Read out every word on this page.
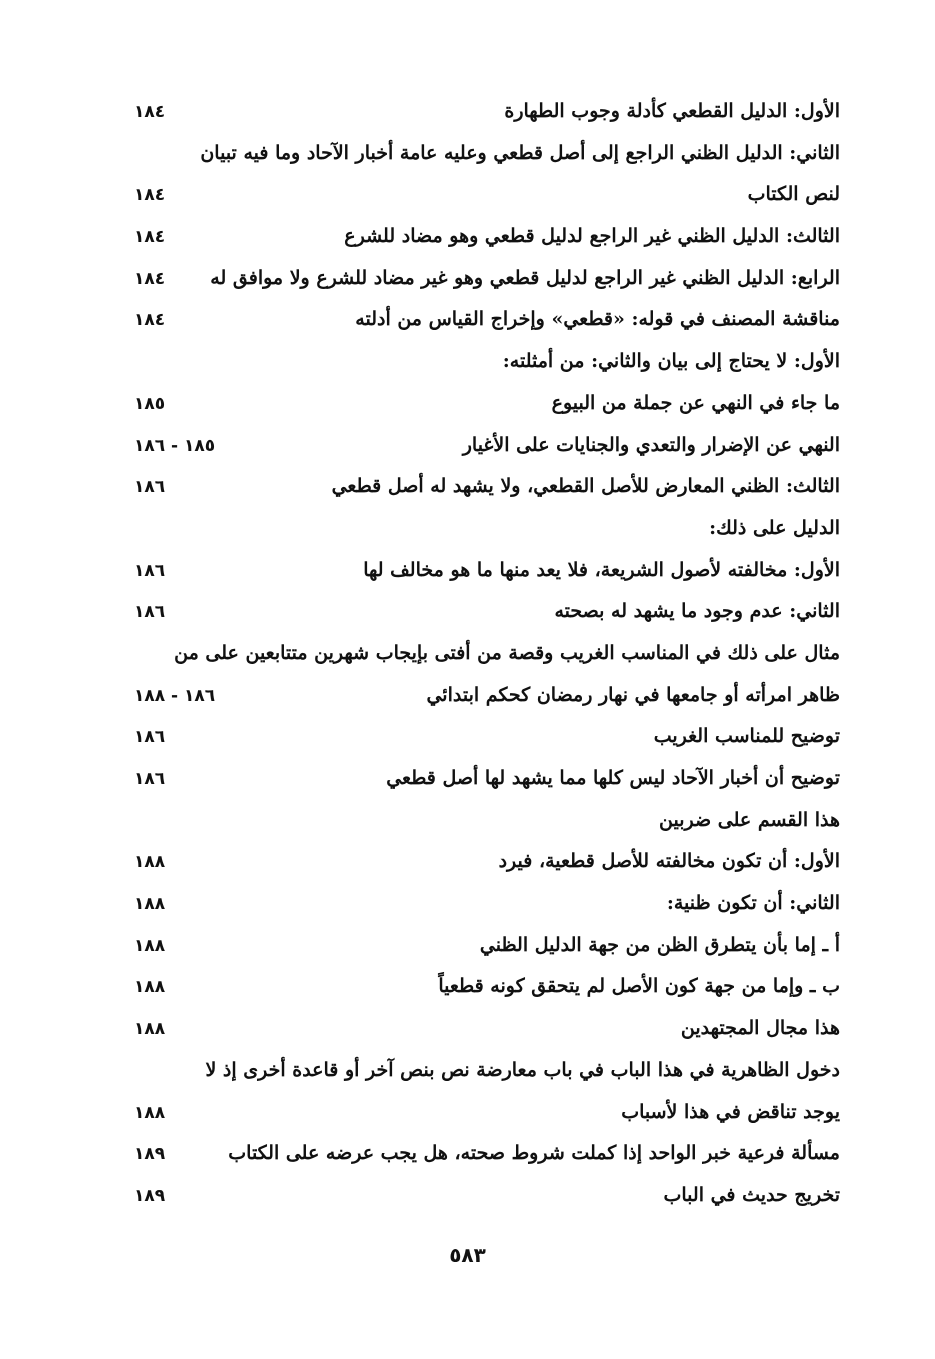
الأول: الدليل القطعي كأدلة وجوب الطهارة
١٨٤
الثاني: الدليل الظني الراجع إلى أصل قطعي وعليه عامة أخبار الآحاد وما فيه تبيان
لنص الكتاب
١٨٤
الثالث: الدليل الظني غير الراجع لدليل قطعي وهو مضاد للشرع
١٨٤
الرابع: الدليل الظني غير الراجع لدليل قطعي وهو غير مضاد للشرع ولا موافق له
١٨٤
مناقشة المصنف في قوله: «قطعي» وإخراج القياس من أدلته
١٨٤
الأول: لا يحتاج إلى بيان والثاني: من أمثلته:
ما جاء في النهي عن جملة من البيوع
١٨٥
النهي عن الإضرار والتعدي والجنايات على الأغيار
١٨٥ - ١٨٦
الثالث: الظني المعارض للأصل القطعي، ولا يشهد له أصل قطعي
١٨٦
الدليل على ذلك:
الأول: مخالفته لأصول الشريعة، فلا يعد منها ما هو مخالف لها
١٨٦
الثاني: عدم وجود ما يشهد له بصحته
١٨٦
مثال على ذلك في المناسب الغريب وقصة من أفتى بإيجاب شهرين متتابعين على من
ظاهر امرأته أو جامعها في نهار رمضان كحكم ابتدائي
١٨٦ - ١٨٨
توضيح للمناسب الغريب
١٨٦
توضيح أن أخبار الآحاد ليس كلها مما يشهد لها أصل قطعي
١٨٦
هذا القسم على ضربين
الأول: أن تكون مخالفته للأصل قطعية، فيرد
١٨٨
الثاني: أن تكون ظنية:
١٨٨
أ ـ إما بأن يتطرق الظن من جهة الدليل الظني
١٨٨
ب ـ وإما من جهة كون الأصل لم يتحقق كونه قطعياً
١٨٨
هذا مجال المجتهدين
١٨٨
دخول الظاهرية في هذا الباب في باب معارضة نص بنص آخر أو قاعدة أخرى إذ لا
يوجد تناقض في هذا لأسباب
١٨٨
مسألة فرعية خبر الواحد إذا كملت شروط صحته، هل يجب عرضه على الكتاب
١٨٩
تخريج حديث في الباب
١٨٩
٥٨٣
